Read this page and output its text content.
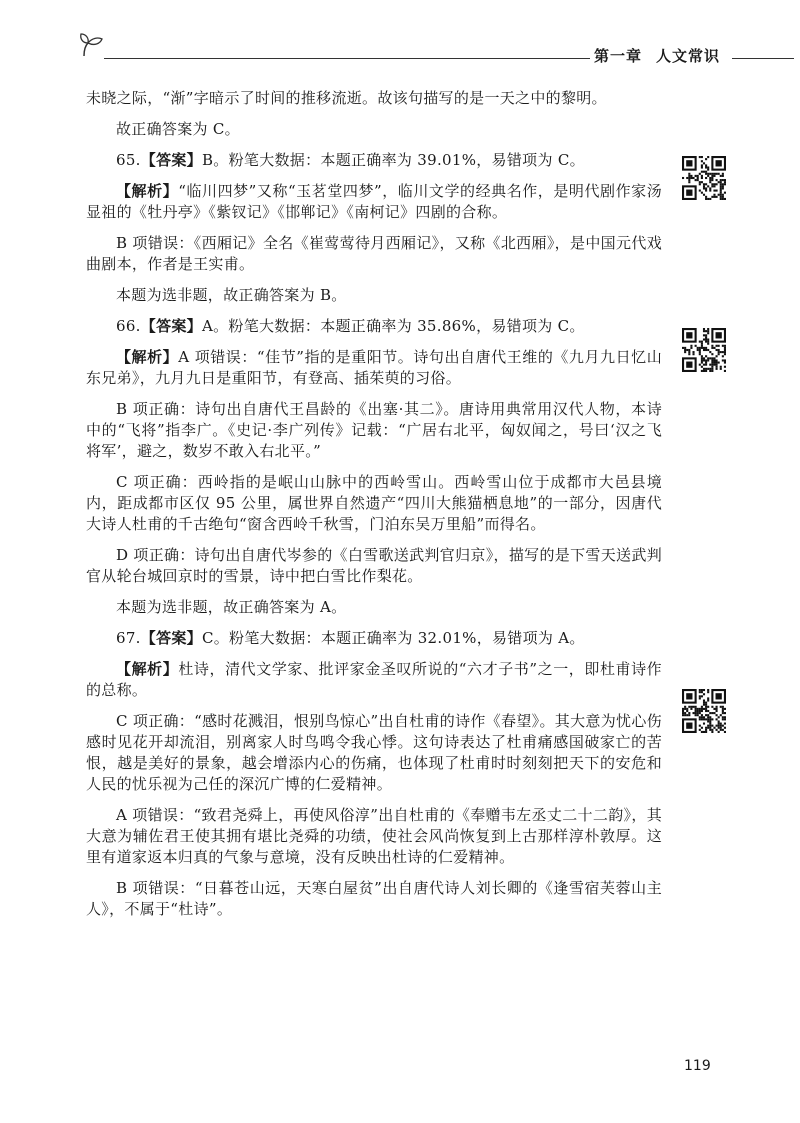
第一章 人文常识

未晓之际，“渐”字暗示了时间的推移流逝。故该句描写的是一天之中的黎明。

故正确答案为 C。

65.【答案】B。粉笔大数据：本题正确率为 39.01%，易错项为 C。

【解析】“临川四梦”又称“玉茗堂四梦”，临川文学的经典名作，是明代剧作家汤显祖的《牡丹亭》《紫钗记》《邯郸记》《南柯记》四剧的合称。

B 项错误：《西厢记》全名《崔莺莺待月西厢记》，又称《北西厢》，是中国元代戏曲剧本，作者是王实甫。

本题为选非题，故正确答案为 B。

66.【答案】A。粉笔大数据：本题正确率为 35.86%，易错项为 C。

【解析】A 项错误：“佳节”指的是重阳节。诗句出自唐代王维的《九月九日忆山东兄弟》，九月九日是重阳节，有登高、插茱萸的习俗。

B 项正确：诗句出自唐代王昌龄的《出塞·其二》。唐诗用典常用汉代人物，本诗中的“飞将”指李广。《史记·李广列传》记载：“广居右北平，匈奴闻之，号曰‘汉之飞将军’，避之，数岁不敢入右北平。”

C 项正确：西岭指的是岷山山脉中的西岭雪山。西岭雪山位于成都市大邑县境内，距成都市区仅 95 公里，属世界自然遗产“四川大熊猫栖息地”的一部分，因唐代大诗人杜甫的千古绝句“窗含西岭千秋雪，门泊东吴万里船”而得名。

D 项正确：诗句出自唐代岑参的《白雪歌送武判官归京》，描写的是下雪天送武判官从轮台城回京时的雪景，诗中把白雪比作梨花。

本题为选非题，故正确答案为 A。

67.【答案】C。粉笔大数据：本题正确率为 32.01%，易错项为 A。

【解析】杜诗，清代文学家、批评家金圣叹所说的“六才子书”之一，即杜甫诗作的总称。

C 项正确：“感时花溅泪，恨别鸟惊心”出自杜甫的诗作《春望》。其大意为忧心伤感时见花开却流泪，别离家人时鸟鸣令我心悸。这句诗表达了杜甫痛感国破家亡的苦恨，越是美好的景象，越会增添内心的伤痛，也体现了杜甫时时刻刻把天下的安危和人民的忧乐视为己任的深沉广博的仁爱精神。

A 项错误：“致君尧舜上，再使风俗淳”出自杜甫的《奉赠韦左丞丈二十二韵》，其大意为辅佐君王使其拥有堪比尧舜的功绩，使社会风尚恢复到上古那样淳朴敦厚。这里有道家返本归真的气象与意境，没有反映出杜诗的仁爱精神。

B 项错误：“日暮苍山远，天寒白屋贫”出自唐代诗人刘长卿的《逢雪宿芙蓉山主人》，不属于“杜诗”。

119
